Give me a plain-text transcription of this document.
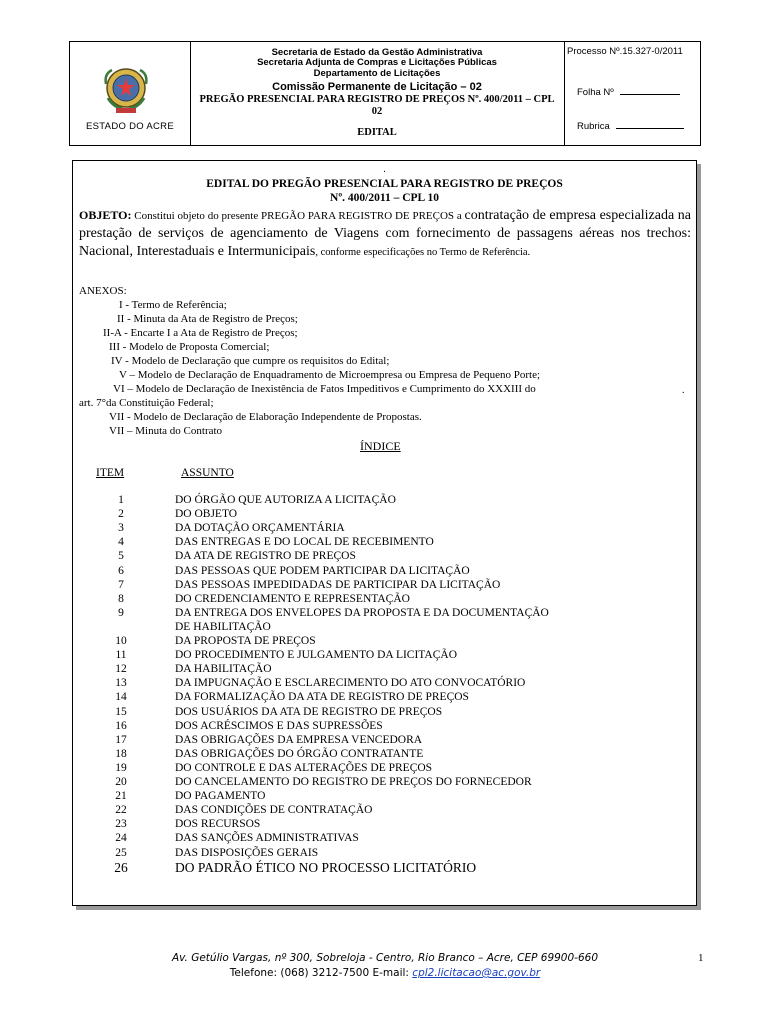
ESTADO DO ACRE
Secretaria de Estado da Gestão Administrativa
Secretaria Adjunta de Compras e Licitações Públicas
Departamento de Licitações
Comissão Permanente de Licitação – 02
PREGÃO PRESENCIAL PARA REGISTRO DE PREÇOS Nº. 400/2011 – CPL 02
EDITAL
Processo Nº.15.327-0/2011
Folha Nº
Rubrica
.
EDITAL DO PREGÃO PRESENCIAL PARA REGISTRO DE PREÇOS
Nº. 400/2011 – CPL 10
OBJETO: Constitui objeto do presente PREGÃO PARA REGISTRO DE PREÇOS a contratação de empresa especializada na prestação de serviços de agenciamento de Viagens com fornecimento de passagens aéreas nos trechos: Nacional, Interestaduais e Intermunicipais, conforme especificações no Termo de Referência.
ANEXOS:
I - Termo de Referência;
II - Minuta da Ata de Registro de Preços;
II-A - Encarte I a Ata de Registro de Preços;
III - Modelo de Proposta Comercial;
IV - Modelo de Declaração que cumpre os requisitos do Edital;
V – Modelo de Declaração de Enquadramento de Microempresa ou Empresa de Pequeno Porte;
VI – Modelo de Declaração de Inexistência de Fatos Impeditivos e Cumprimento do XXXIII do	.
art. 7°da Constituição Federal;
VII - Modelo de Declaração de Elaboração Independente de Propostas.
VII – Minuta do Contrato
ÍNDICE
ITEM	ASSUNTO
1	DO ÓRGÃO QUE AUTORIZA A LICITAÇÃO
2	DO OBJETO
3	DA DOTAÇÃO ORÇAMENTÁRIA
4	DAS ENTREGAS E DO LOCAL DE RECEBIMENTO
5	DA ATA DE REGISTRO DE PREÇOS
6	DAS PESSOAS QUE PODEM PARTICIPAR DA LICITAÇÃO
7	DAS PESSOAS IMPEDIDADAS DE PARTICIPAR DA LICITAÇÃO
8	DO CREDENCIAMENTO E REPRESENTAÇÃO
9	DA ENTREGA DOS ENVELOPES DA PROPOSTA E DA DOCUMENTAÇÃO
DE HABILITAÇÃO
10	DA PROPOSTA DE PREÇOS
11	DO PROCEDIMENTO E JULGAMENTO DA LICITAÇÃO
12	DA HABILITAÇÃO
13	DA IMPUGNAÇÃO E ESCLARECIMENTO DO ATO CONVOCATÓRIO
14	DA FORMALIZAÇÃO DA ATA DE REGISTRO DE PREÇOS
15	DOS USUÁRIOS DA ATA DE REGISTRO DE PREÇOS
16	DOS ACRÉSCIMOS E DAS SUPRESSÕES
17	DAS OBRIGAÇÕES DA EMPRESA VENCEDORA
18	DAS OBRIGAÇÕES DO ÓRGÃO CONTRATANTE
19	DO CONTROLE E DAS ALTERAÇÕES DE PREÇOS
20	DO CANCELAMENTO DO REGISTRO DE PREÇOS DO FORNECEDOR
21	DO PAGAMENTO
22	DAS CONDIÇÕES DE CONTRATAÇÃO
23	DOS RECURSOS
24	DAS SANÇÕES ADMINISTRATIVAS
25	DAS DISPOSIÇÕES GERAIS
26	DO PADRÃO ÉTICO NO PROCESSO LICITATÓRIO
Av. Getúlio Vargas, nº 300, Sobreloja - Centro, Rio Branco – Acre, CEP 69900-660
Telefone: (068) 3212-7500 E-mail: cpl2.licitacao@ac.gov.br
1
